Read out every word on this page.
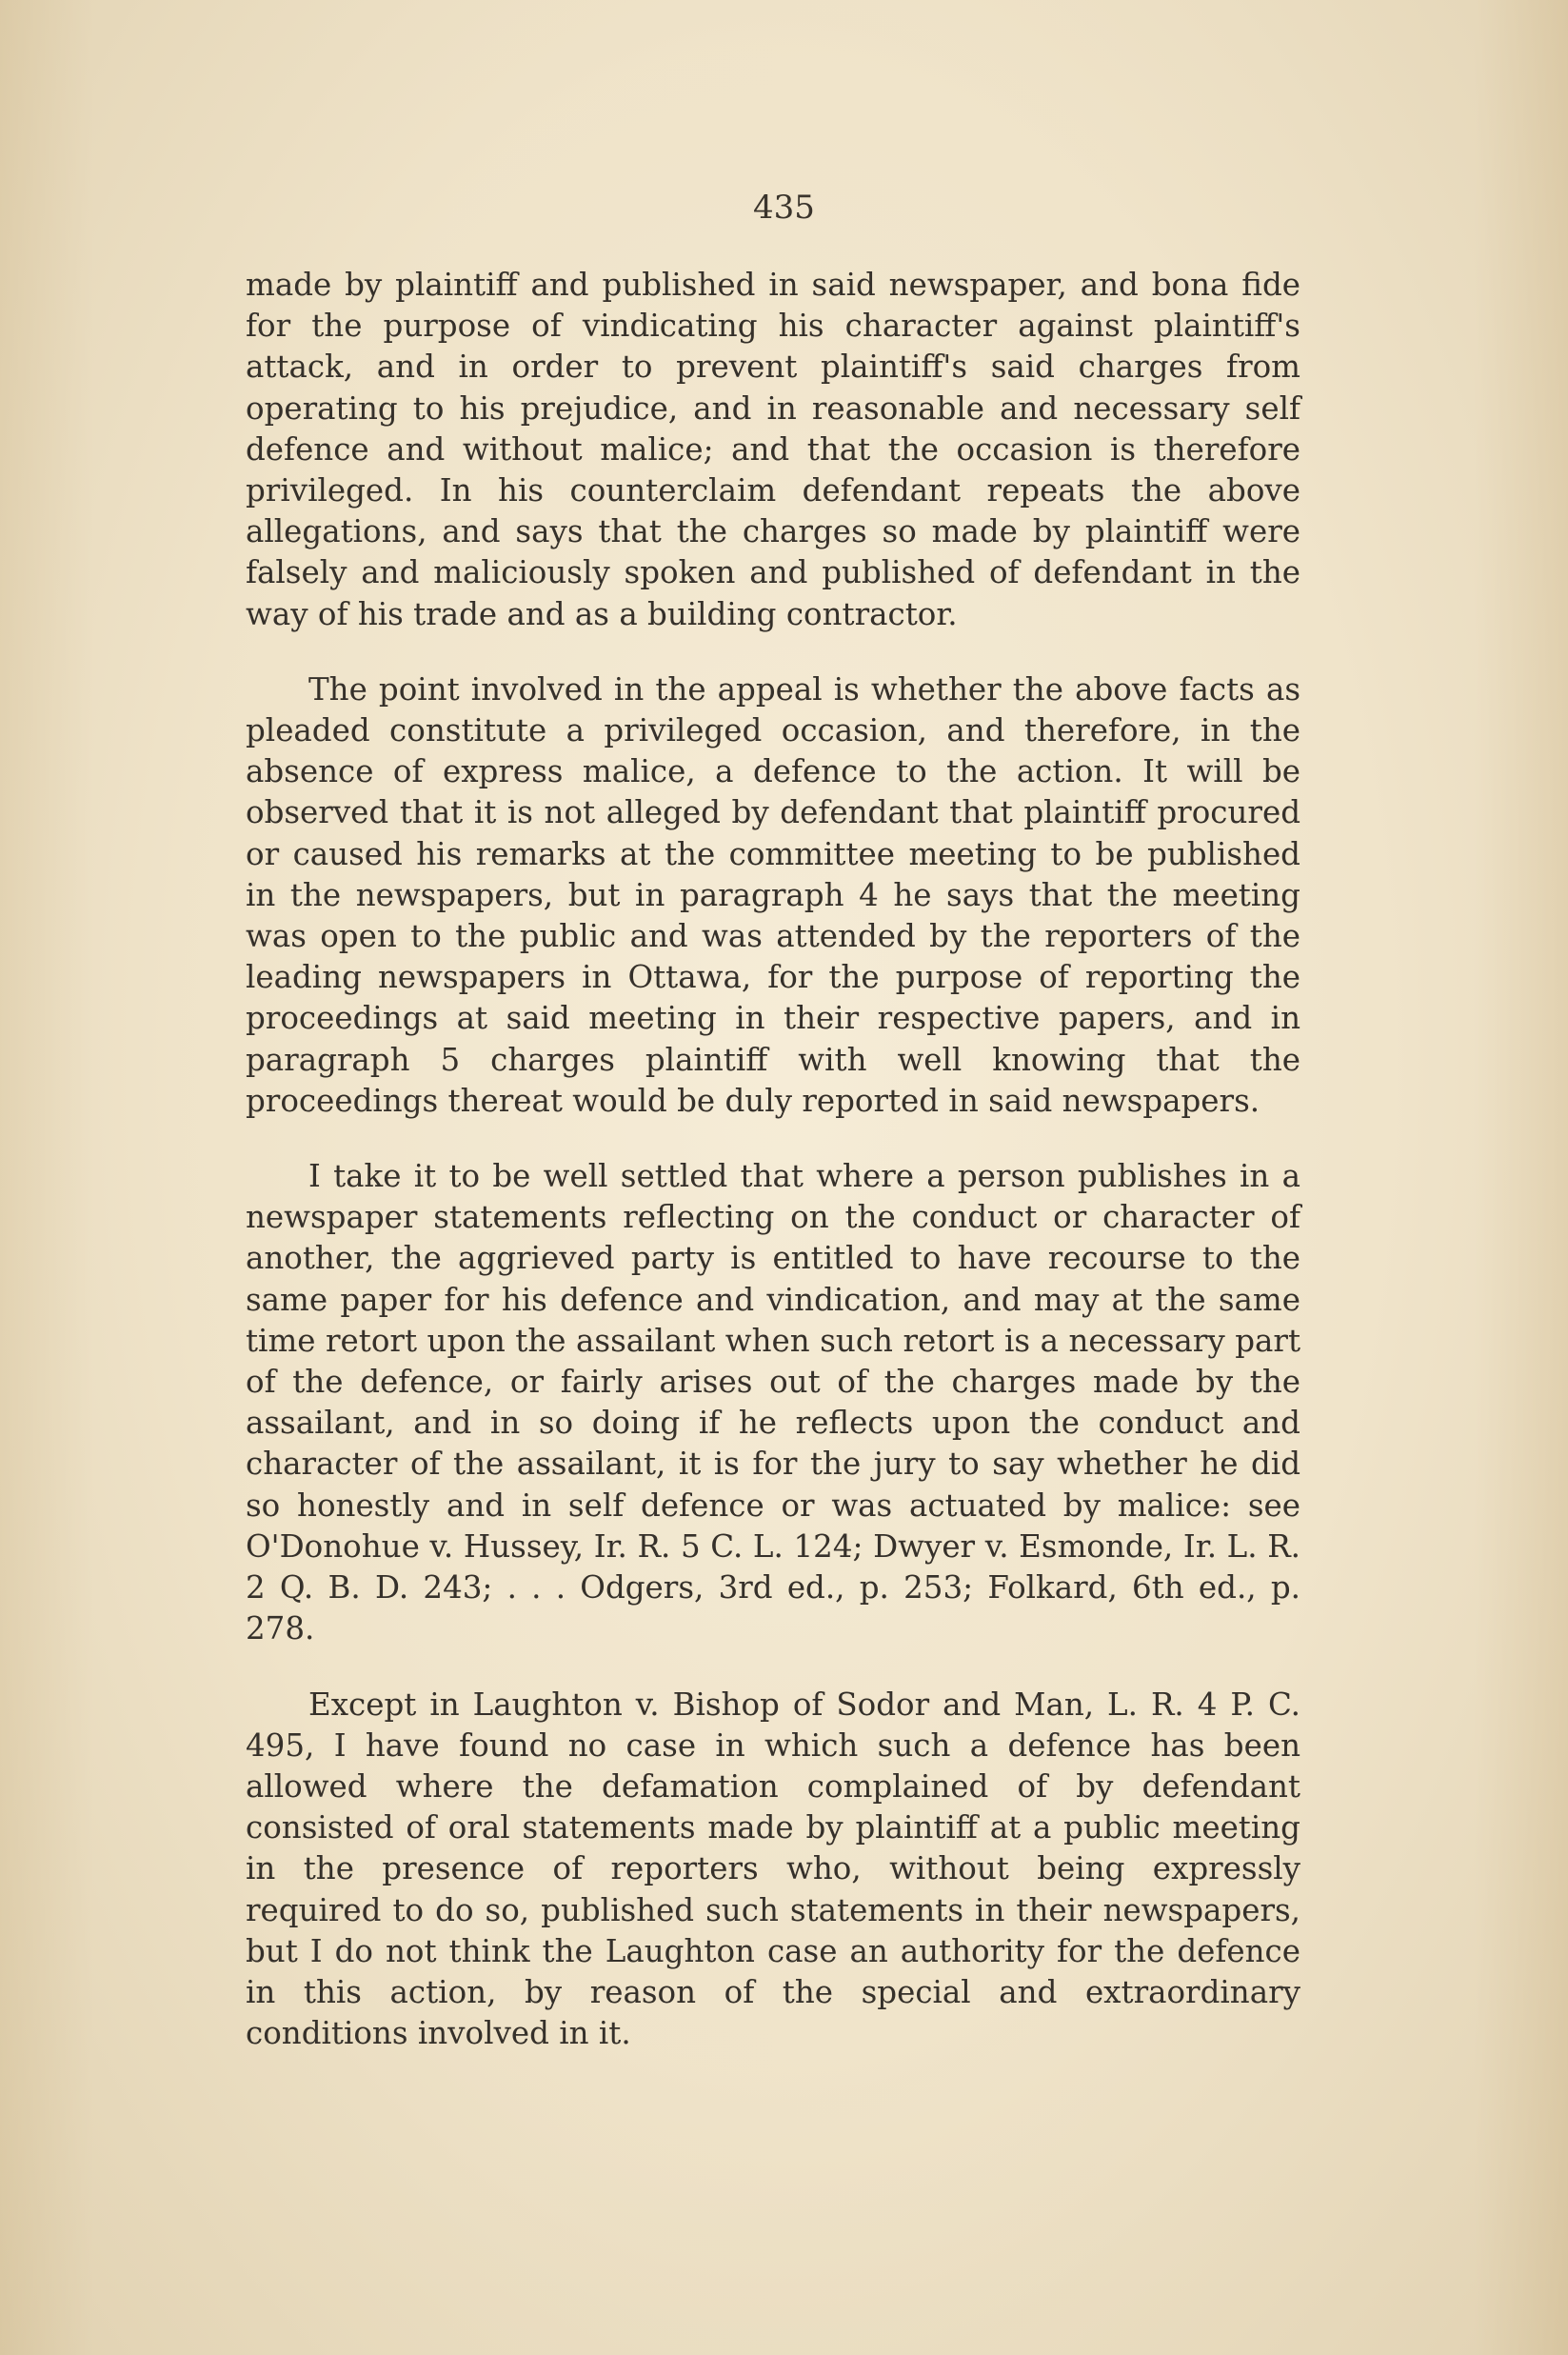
435

made by plaintiff and published in said newspaper, and bona fide for the purpose of vindicating his character against plaintiff's attack, and in order to prevent plaintiff's said charges from operating to his prejudice, and in reasonable and necessary self defence and without malice; and that the occasion is therefore privileged. In his counterclaim defendant repeats the above allegations, and says that the charges so made by plaintiff were falsely and maliciously spoken and published of defendant in the way of his trade and as a building contractor.

The point involved in the appeal is whether the above facts as pleaded constitute a privileged occasion, and therefore, in the absence of express malice, a defence to the action. It will be observed that it is not alleged by defendant that plaintiff procured or caused his remarks at the committee meeting to be published in the newspapers, but in paragraph 4 he says that the meeting was open to the public and was attended by the reporters of the leading newspapers in Ottawa, for the purpose of reporting the proceedings at said meeting in their respective papers, and in paragraph 5 charges plaintiff with well knowing that the proceedings thereat would be duly reported in said newspapers.

I take it to be well settled that where a person publishes in a newspaper statements reflecting on the conduct or character of another, the aggrieved party is entitled to have recourse to the same paper for his defence and vindication, and may at the same time retort upon the assailant when such retort is a necessary part of the defence, or fairly arises out of the charges made by the assailant, and in so doing if he reflects upon the conduct and character of the assailant, it is for the jury to say whether he did so honestly and in self defence or was actuated by malice: see O'Donohue v. Hussey, Ir. R. 5 C. L. 124; Dwyer v. Esmonde, Ir. L. R. 2 Q. B. D. 243; . . . Odgers, 3rd ed., p. 253; Folkard, 6th ed., p. 278.

Except in Laughton v. Bishop of Sodor and Man, L. R. 4 P. C. 495, I have found no case in which such a defence has been allowed where the defamation complained of by defendant consisted of oral statements made by plaintiff at a public meeting in the presence of reporters who, without being expressly required to do so, published such statements in their newspapers, but I do not think the Laughton case an authority for the defence in this action, by reason of the special and extraordinary conditions involved in it.
